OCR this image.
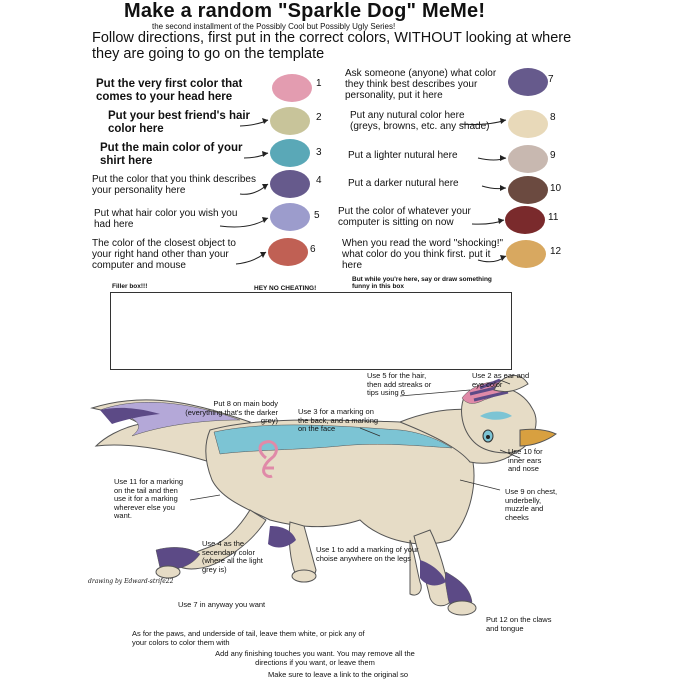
Make a random "Sparkle Dog" MeMe!
the second installment of the Possibly Cool but Possibly Ugly Series!
Follow directions, first put in the correct colors, WITHOUT looking at where they are going to go on the template
Put the very first color that comes to your head here
1
Put your best friend's hair color here
2
Put the main color of your shirt here
3
Put the color that you think describes your personality here
4
Put what hair color you wish you had here
5
The color of the closest object to your right hand other than your computer and mouse
6
Ask someone (anyone) what color they think best describes your personality, put it here
7
Put any nutural color here (greys, browns, etc. any shade)
8
Put a lighter nutural here	9
Put a darker nutural here	10
Put the color of whatever your computer is sitting on now	11
When you read the word "shocking!" what color do you think first. put it here
12
Filler box!!!	HEY NO CHEATING!
But while you're here, say or draw something funny in this box
Use 5 for the hair, then add streaks or tips using 6
Use 2 as ear and eye color
Put 8 on main body (everything that's the darker grey)
Use 3 for a marking on the back, and a marking on the face
Use 10 for inner ears and nose
Use 9 on chest, underbelly, muzzle and cheeks
Use 11 for a marking on the tail and then use it for a marking wherever else you want.
Use 4 as the secendary color (where all the light grey is)
Use 1 to add a marking of your choise anywhere on the legs
drawing by Edward-strife22
Use 7 in anyway you want
Put 12 on the claws and tongue
As for the paws, and underside of tail, leave them white, or pick any of your colors to color them with
Add any finishing touches you want. You may remove all the directions if you want, or leave them
Make sure to leave a link to the original so
